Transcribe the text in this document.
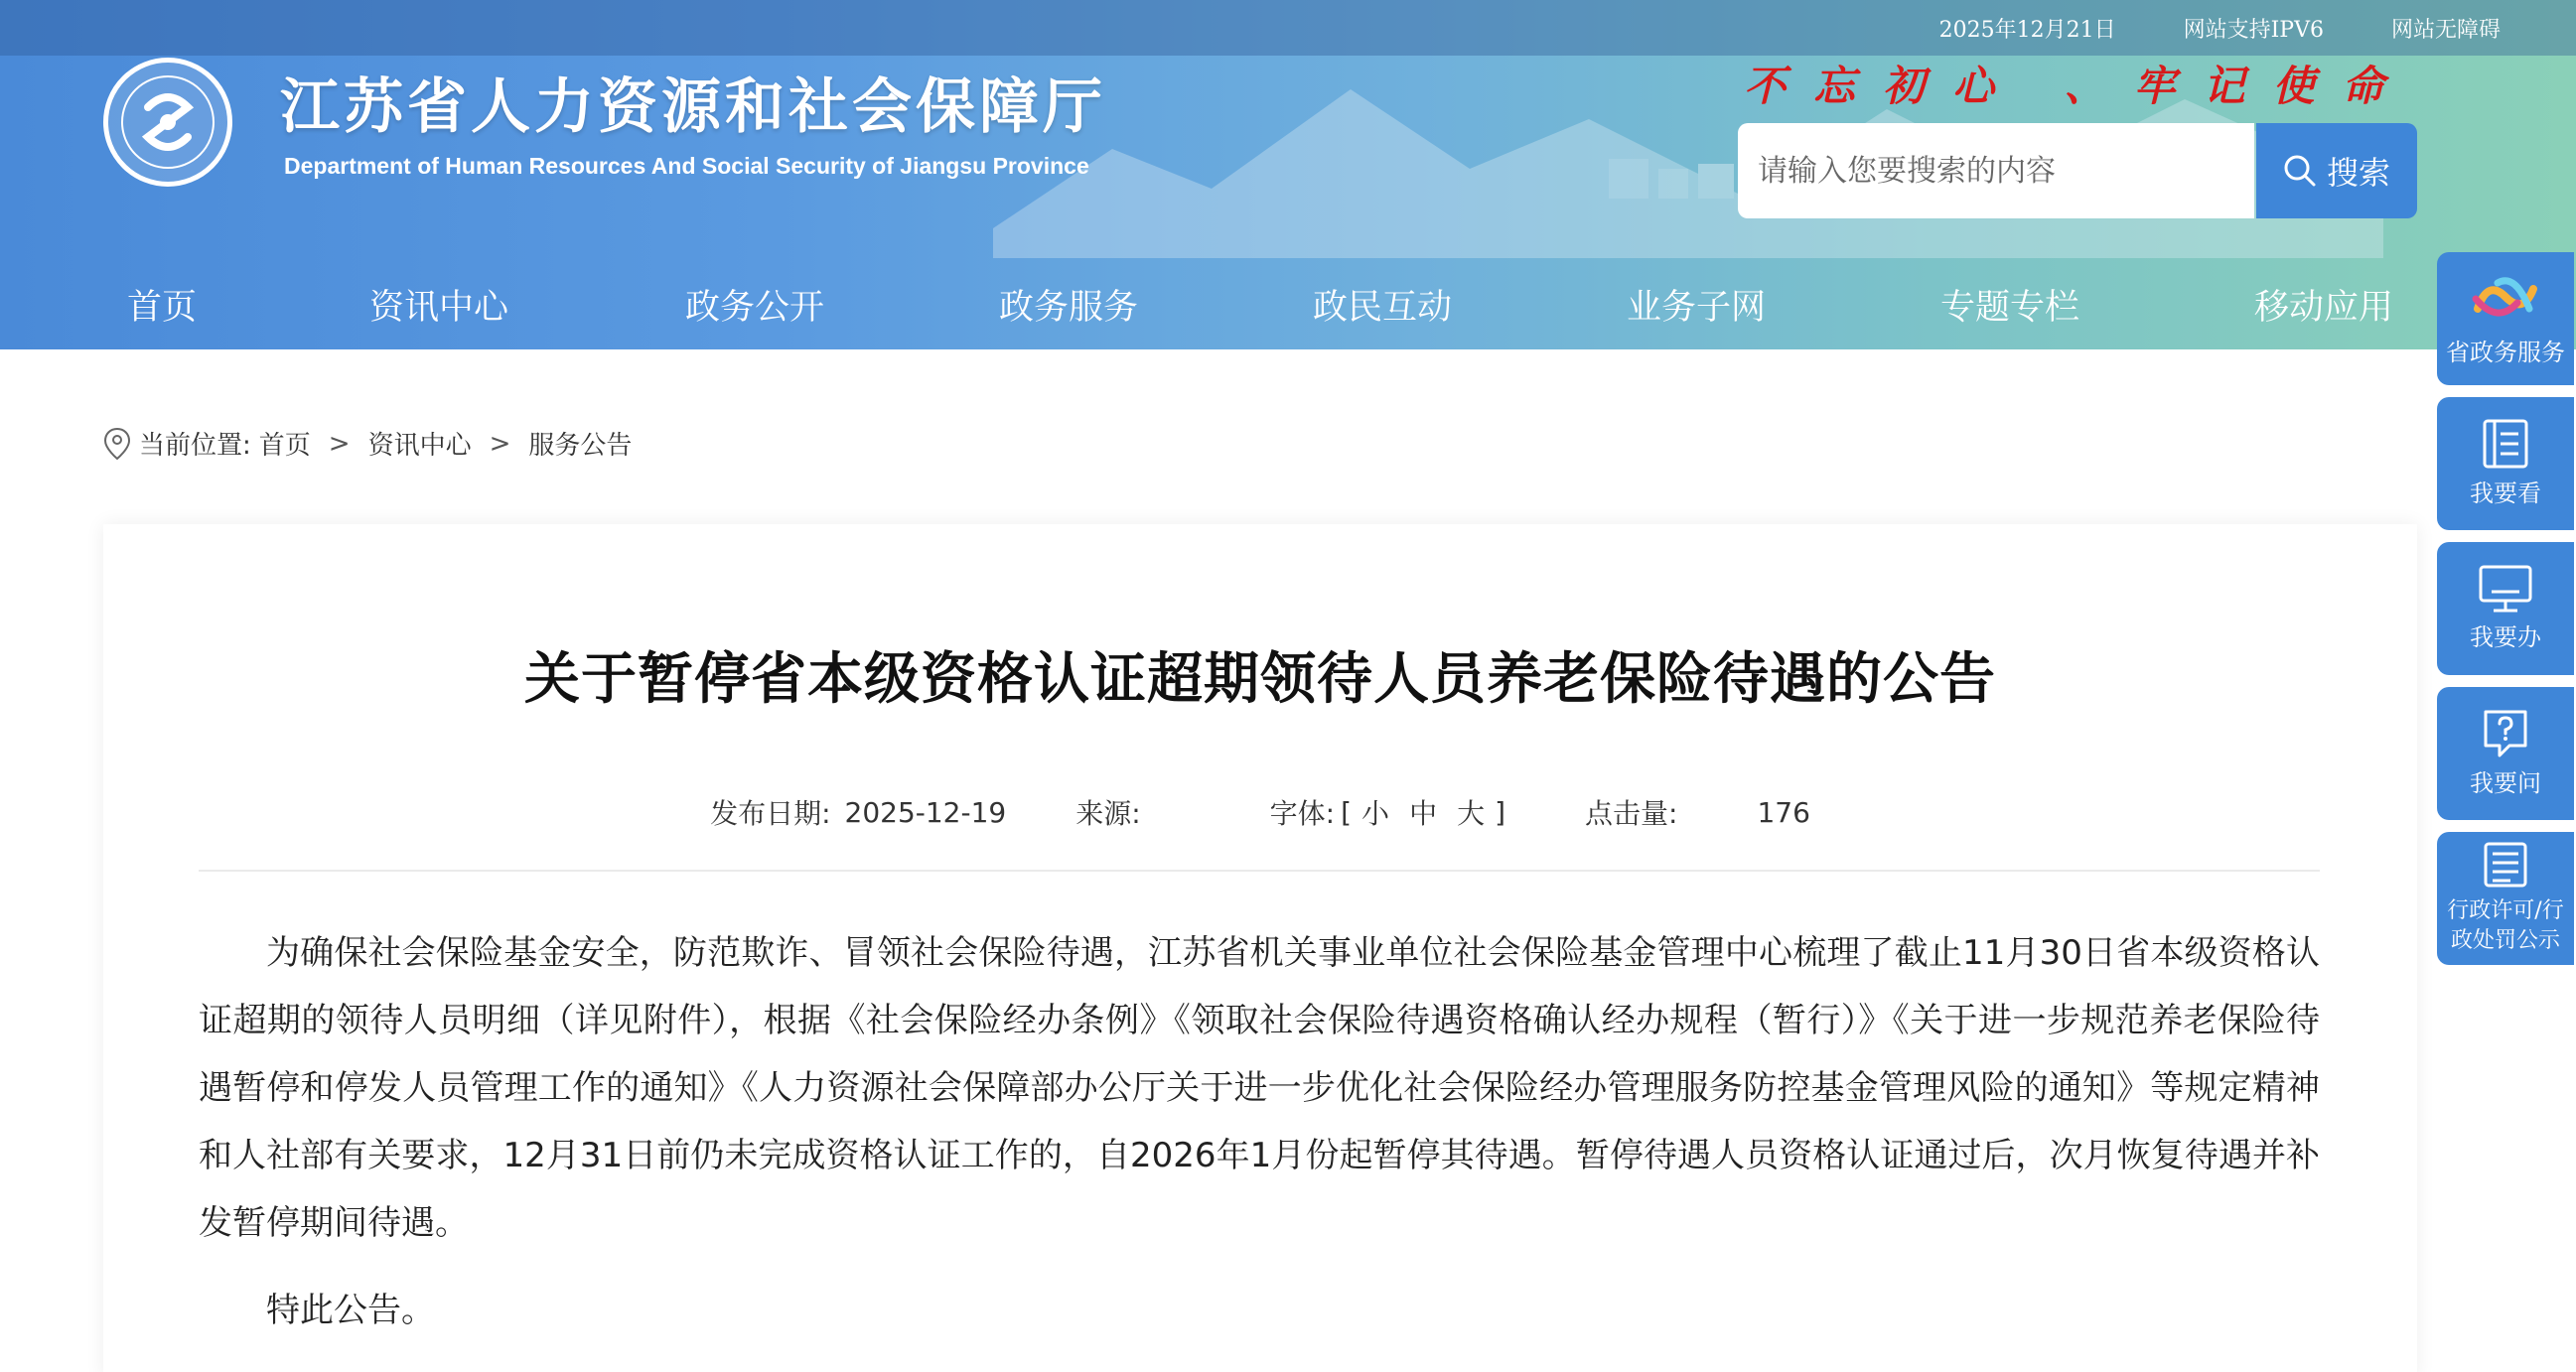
2025年12月21日	网站支持IPV6	网站无障碍
江苏省人力资源和社会保障厅
Department of Human Resources And Social Security of Jiangsu Province
不忘初心 、牢记使命
请输入您要搜索的内容
搜索
首页	资讯中心	政务公开	政务服务	政民互动	业务子网	专题专栏	移动应用
当前位置: 首页 > 资讯中心 > 服务公告
关于暂停省本级资格认证超期领待人员养老保险待遇的公告
发布日期: 2025-12-19	来源:	字体: [ 小 中 大 ]	点击量:	176

为确保社会保险基金安全，防范欺诈、冒领社会保险待遇，江苏省机关事业单位社会保险基金管理中心梳理了截止11月30日省本级资格认证超期的领待人员明细（详见附件），根据《社会保险经办条例》《领取社会保险待遇资格确认经办规程（暂行）》《关于进一步规范养老保险待遇暂停和停发人员管理工作的通知》《人力资源社会保障部办公厅关于进一步优化社会保险经办管理服务防控基金管理风险的通知》等规定精神和人社部有关要求，12月31日前仍未完成资格认证工作的，自2026年1月份起暂停其待遇。暂停待遇人员资格认证通过后，次月恢复待遇并补发暂停期间待遇。

特此公告。

省政务服务
我要看
我要办
我要问
行政许可/行政处罚公示
